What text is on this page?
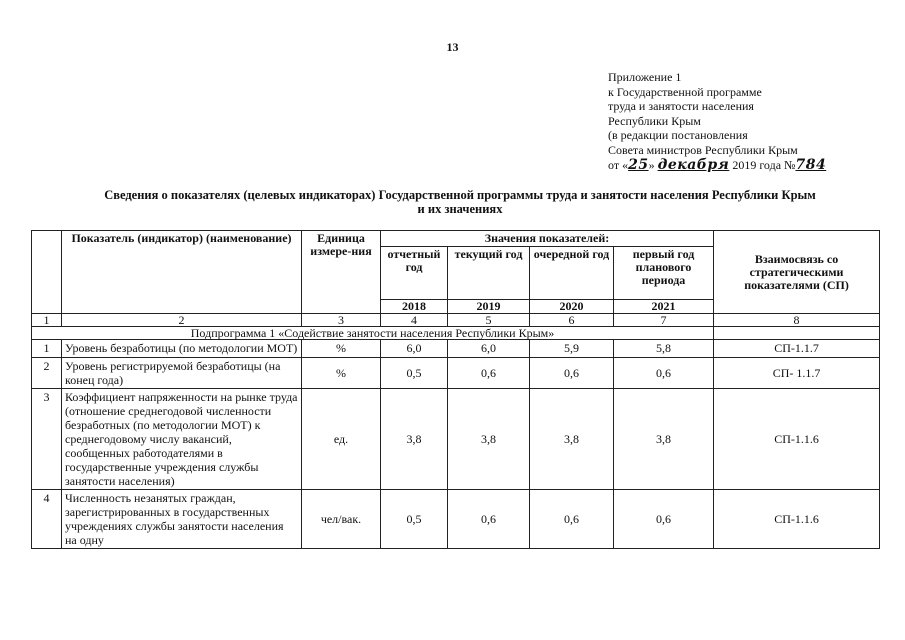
13
Приложение 1
к Государственной программе
труда и занятости населения
Республики Крым
(в редакции постановления
Совета министров Республики Крым
от «25» декабря 2019 года №784
Сведения о показателях (целевых индикаторах) Государственной программы труда и занятости населения Республики Крым
и их значениях
	Показатель (индикатор) (наименование)	Единица измере-ния	Значения показателей:				Взаимосвязь со стратегическими показателями (СП)
			отчетный год	текущий год	очередной год	первый год планового периода	
			2018	2019	2020	2021	
1	2	3	4	5	6	7	8
Подпрограмма 1 «Содействие занятости населения Республики Крым»							
1	Уровень безработицы (по методологии МОТ)	%	6,0	6,0	5,9	5,8	СП-1.1.7
2	Уровень регистрируемой безработицы (на конец года)	%	0,5	0,6	0,6	0,6	СП- 1.1.7
3	Коэффициент напряженности на рынке труда (отношение среднегодовой численности безработных (по методологии МОТ) к среднегодовому числу вакансий, сообщенных работодателями в государственные учреждения службы занятости населения)	ед.	3,8	3,8	3,8	3,8	СП-1.1.6
4	Численность незанятых граждан, зарегистрированных в государственных учреждениях службы занятости населения на одну	чел/вак.	0,5	0,6	0,6	0,6	СП-1.1.6
